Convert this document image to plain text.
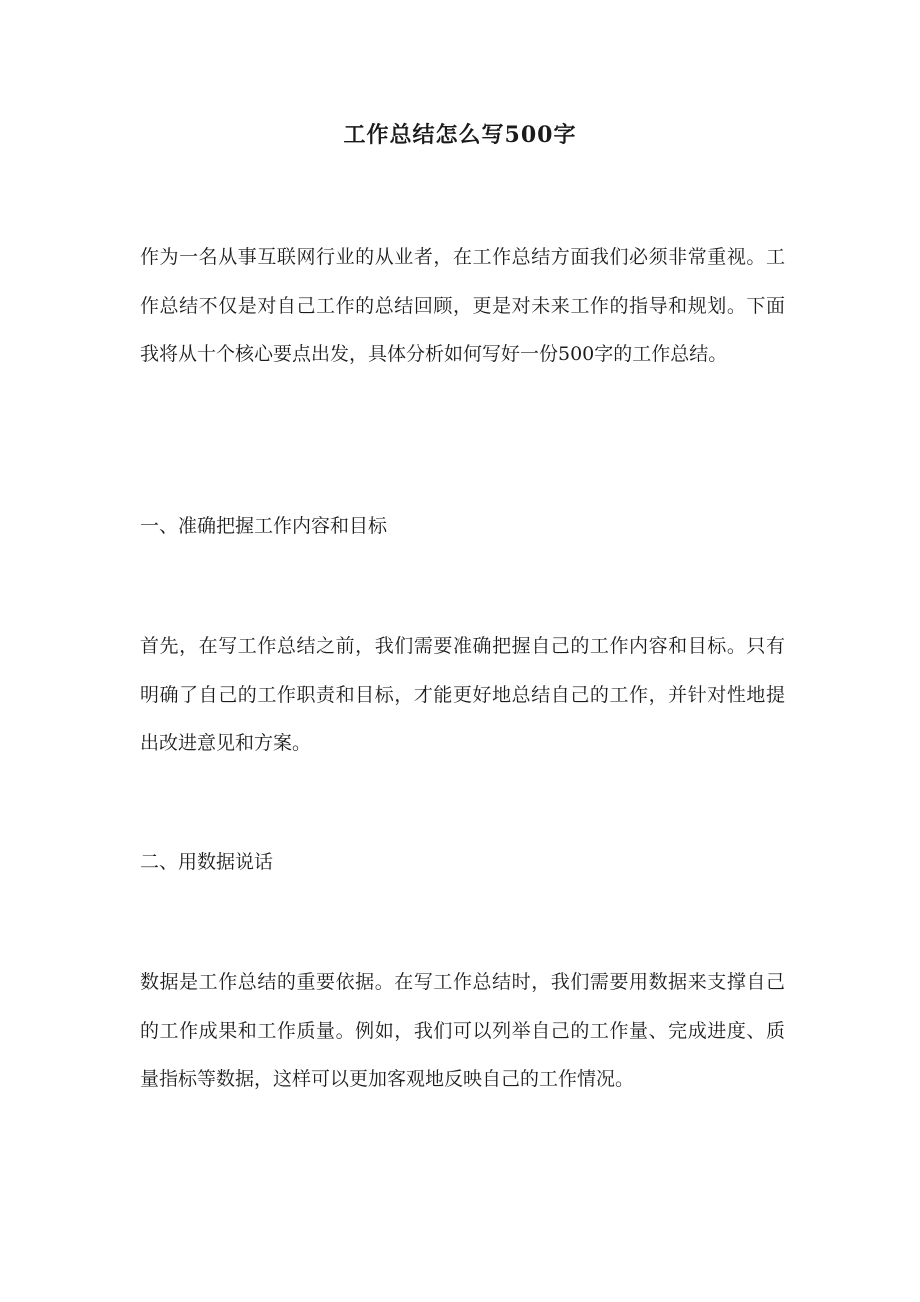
工作总结怎么写500字
作为一名从事互联网行业的从业者，在工作总结方面我们必须非常重视。工作总结不仅是对自己工作的总结回顾，更是对未来工作的指导和规划。下面我将从十个核心要点出发，具体分析如何写好一份500字的工作总结。
一、准确把握工作内容和目标
首先，在写工作总结之前，我们需要准确把握自己的工作内容和目标。只有明确了自己的工作职责和目标，才能更好地总结自己的工作，并针对性地提出改进意见和方案。
二、用数据说话
数据是工作总结的重要依据。在写工作总结时，我们需要用数据来支撑自己的工作成果和工作质量。例如，我们可以列举自己的工作量、完成进度、质量指标等数据，这样可以更加客观地反映自己的工作情况。
